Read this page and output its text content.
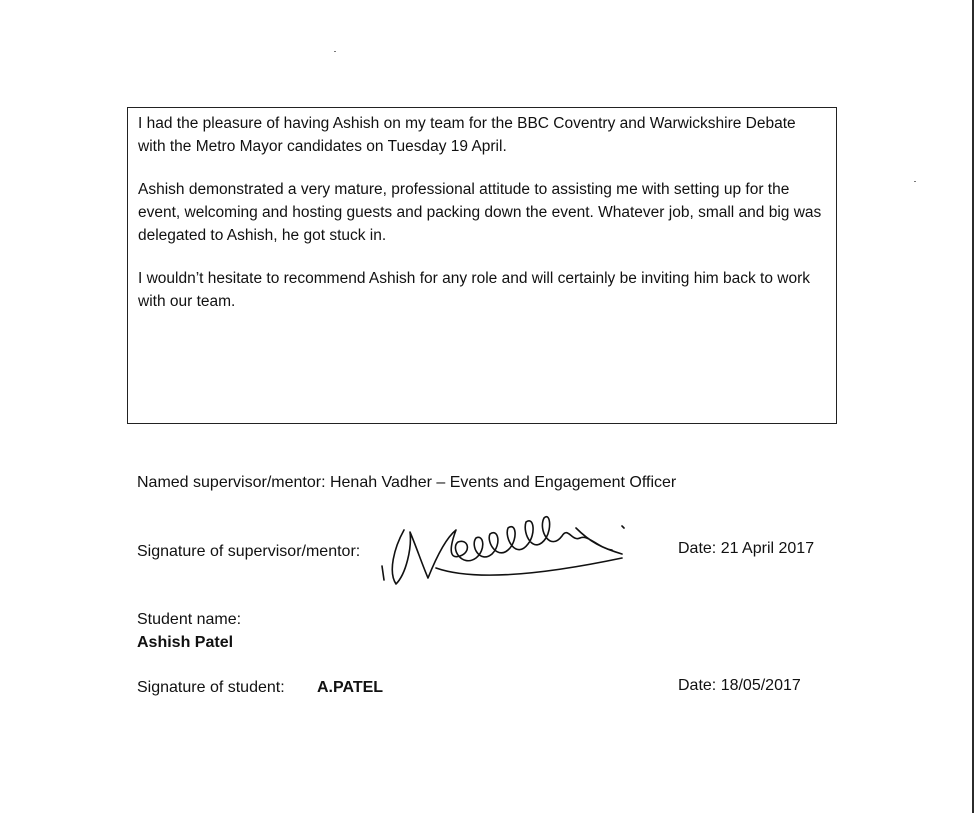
I had the pleasure of having Ashish on my team for the BBC Coventry and Warwickshire Debate with the Metro Mayor candidates on Tuesday 19 April.

Ashish demonstrated a very mature, professional attitude to assisting me with setting up for the event, welcoming and hosting guests and packing down the event. Whatever job, small and big was delegated to Ashish, he got stuck in.

I wouldn’t hesitate to recommend Ashish for any role and will certainly be inviting him back to work with our team.

Named supervisor/mentor: Henah Vadher – Events and Engagement Officer
Signature of supervisor/mentor:	Date: 21 April 2017
Student name:
Ashish Patel
Signature of student: A.PATEL	Date: 18/05/2017
